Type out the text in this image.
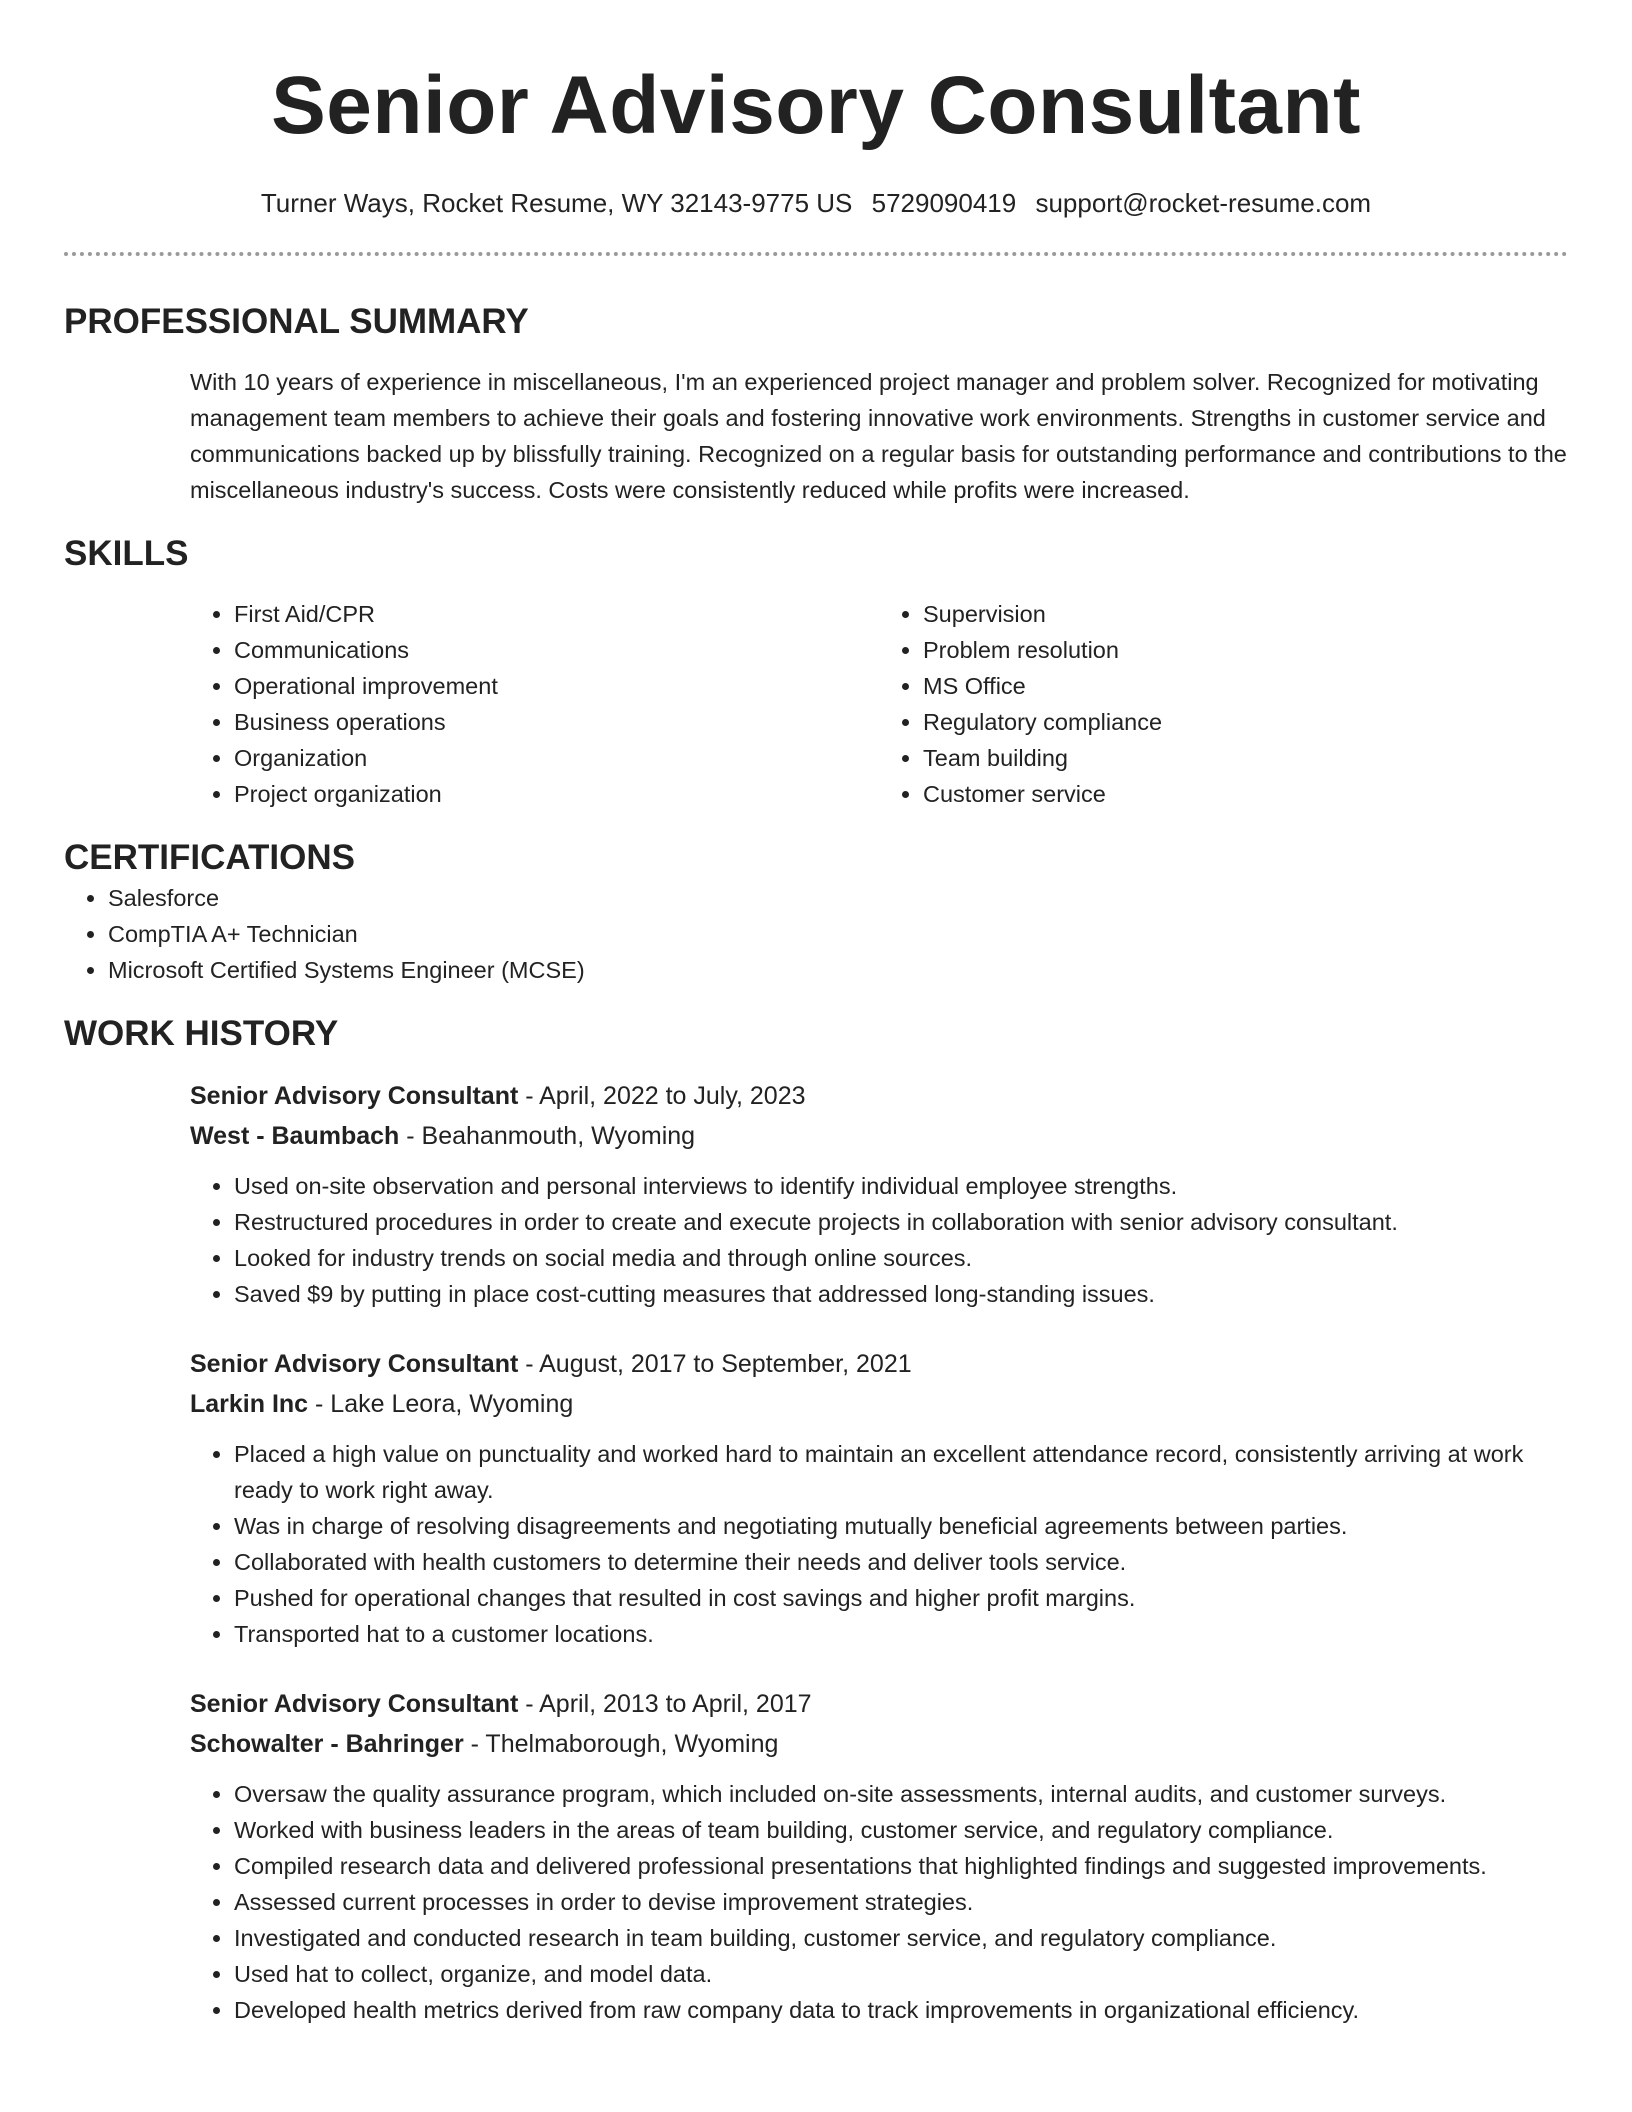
Senior Advisory Consultant
Turner Ways, Rocket Resume, WY 32143-9775 US 5729090419 support@rocket-resume.com
PROFESSIONAL SUMMARY

With 10 years of experience in miscellaneous, I'm an experienced project manager and problem solver. Recognized for motivating management team members to achieve their goals and fostering innovative work environments. Strengths in customer service and communications backed up by blissfully training. Recognized on a regular basis for outstanding performance and contributions to the miscellaneous industry's success. Costs were consistently reduced while profits were increased.

SKILLS
• First Aid/CPR
• Communications
• Operational improvement
• Business operations
• Organization
• Project organization
• Supervision
• Problem resolution
• MS Office
• Regulatory compliance
• Team building
• Customer service
CERTIFICATIONS
• Salesforce
• CompTIA A+ Technician
• Microsoft Certified Systems Engineer (MCSE)
WORK HISTORY
Senior Advisory Consultant - April, 2022 to July, 2023
West - Baumbach - Beahanmouth, Wyoming
• Used on-site observation and personal interviews to identify individual employee strengths.
• Restructured procedures in order to create and execute projects in collaboration with senior advisory consultant.
• Looked for industry trends on social media and through online sources.
• Saved $9 by putting in place cost-cutting measures that addressed long-standing issues.
Senior Advisory Consultant - August, 2017 to September, 2021
Larkin Inc - Lake Leora, Wyoming
• Placed a high value on punctuality and worked hard to maintain an excellent attendance record, consistently arriving at work ready to work right away.
• Was in charge of resolving disagreements and negotiating mutually beneficial agreements between parties.
• Collaborated with health customers to determine their needs and deliver tools service.
• Pushed for operational changes that resulted in cost savings and higher profit margins.
• Transported hat to a customer locations.
Senior Advisory Consultant - April, 2013 to April, 2017
Schowalter - Bahringer - Thelmaborough, Wyoming
• Oversaw the quality assurance program, which included on-site assessments, internal audits, and customer surveys.
• Worked with business leaders in the areas of team building, customer service, and regulatory compliance.
• Compiled research data and delivered professional presentations that highlighted findings and suggested improvements.
• Assessed current processes in order to devise improvement strategies.
• Investigated and conducted research in team building, customer service, and regulatory compliance.
• Used hat to collect, organize, and model data.
• Developed health metrics derived from raw company data to track improvements in organizational efficiency.
